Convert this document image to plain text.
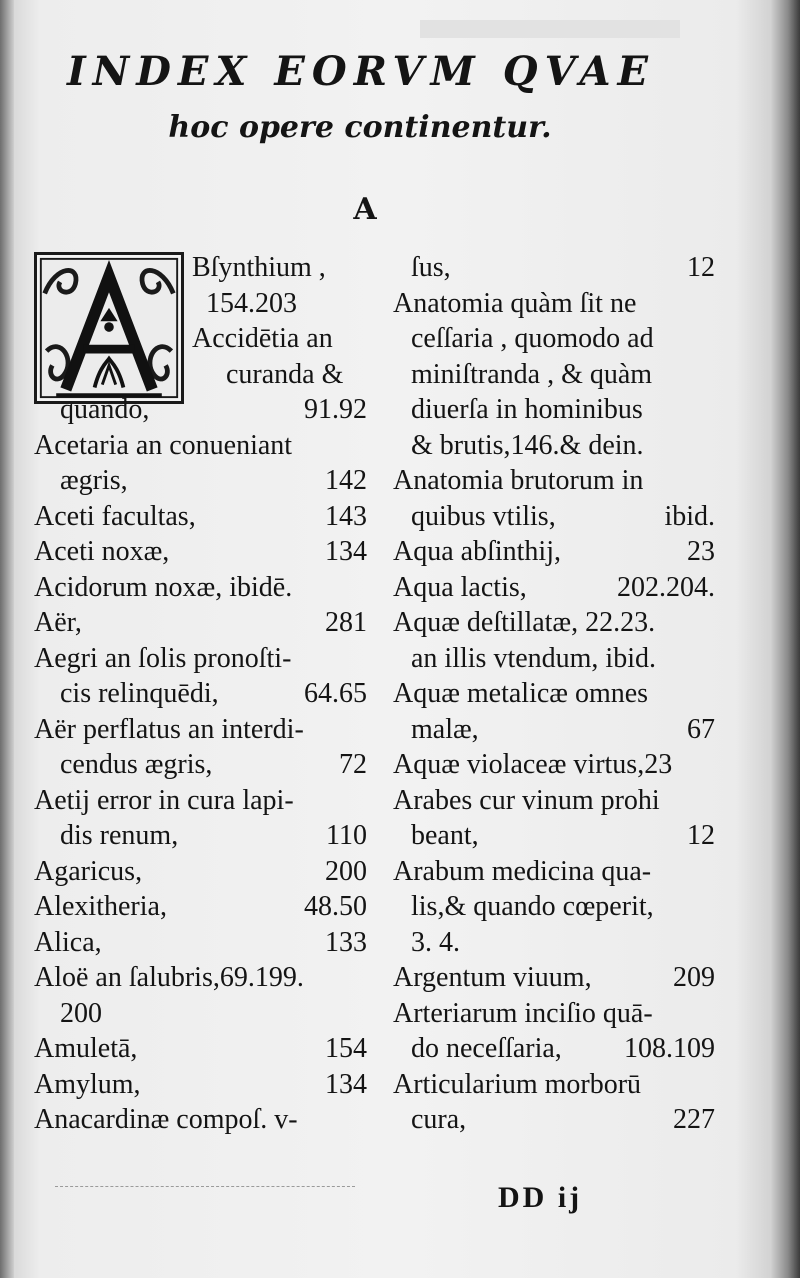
INDEX EORVM QVAE
hoc opere continentur.
A
Bſynthium ,
154.203
Accidētia an
curanda &
quando,	91.92
Acetaria an conueniant
ægris,	142
Aceti facultas,	143
Aceti noxæ,	134
Acidorum noxæ, ibidē.
Aër,	281
Aegri an ſolis pronoſti-
cis relinquēdi,	64.65
Aër perflatus an interdi-
cendus ægris,	72
Aetij error in cura lapi-
dis renum,	110
Agaricus,	200
Alexitheria,	48.50
Alica,	133
Aloë an ſalubris,69.199.
200
Amuletā,	154
Amylum,	134
Anacardinæ compoſ. v-
ſus,	12
Anatomia quàm ſit ne
ceſſaria , quomodo ad
miniſtranda , & quàm
diuerſa in hominibus
& brutis,146.& dein.
Anatomia brutorum in
quibus vtilis,	ibid.
Aqua abſinthij,	23
Aqua lactis,	202.204.
Aquæ deſtillatæ, 22.23.
an illis vtendum, ibid.
Aquæ metalicæ omnes
malæ,	67
Aquæ violaceæ virtus,23
Arabes cur vinum prohi
beant,	12
Arabum medicina qua-
lis,& quando cœperit,
3. 4.
Argentum viuum,	209
Arteriarum inciſio quā-
do neceſſaria,	108.109
Articularium morborū
cura,	227
DD ij
